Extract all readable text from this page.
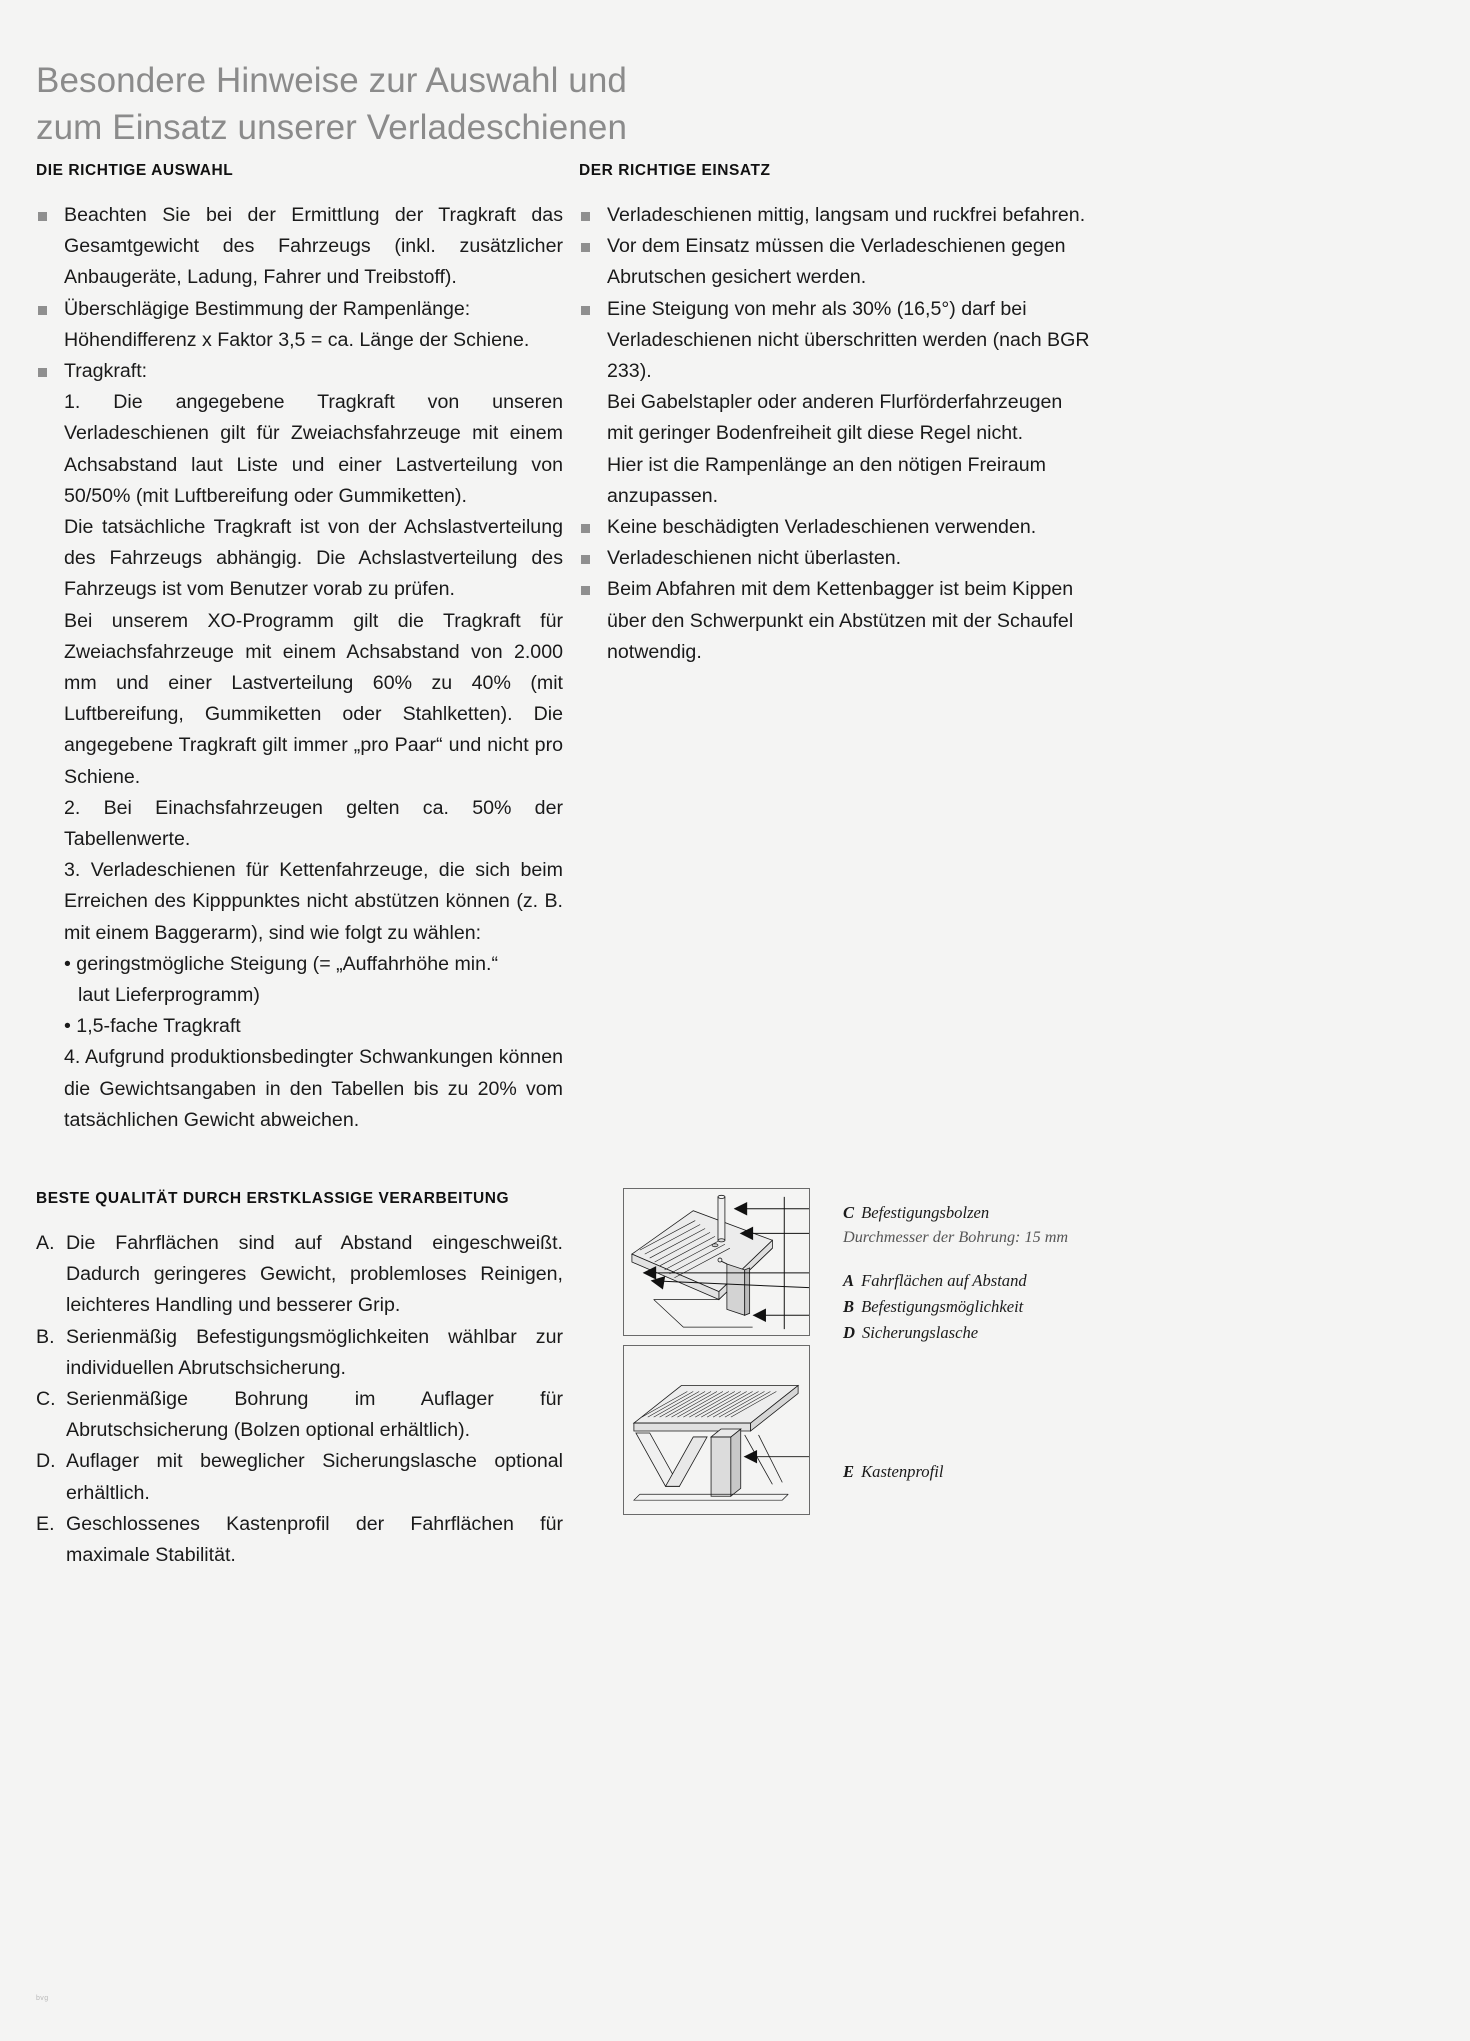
Besondere Hinweise zur Auswahl und
zum Einsatz unserer Verladeschienen
DIE RICHTIGE AUSWAHL

Beachten Sie bei der Ermittlung der Tragkraft das Gesamtgewicht des Fahrzeugs (inkl. zusätzlicher Anbaugeräte, Ladung, Fahrer und Treibstoff).

Überschlägige Bestimmung der Rampenlänge:

Höhendifferenz x Faktor 3,5 = ca. Länge der Schiene.

Tragkraft:

1. Die angegebene Tragkraft von unseren Verladeschienen gilt für Zweiachsfahrzeuge mit einem Achsabstand laut Liste und einer Lastverteilung von 50/50% (mit Luftbereifung oder Gummiketten).

Die tatsächliche Tragkraft ist von der Achslastverteilung des Fahrzeugs abhängig. Die Achslastverteilung des Fahrzeugs ist vom Benutzer vorab zu prüfen.

Bei unserem XO-Programm gilt die Tragkraft für Zweiachsfahrzeuge mit einem Achsabstand von 2.000 mm und einer Lastverteilung 60% zu 40% (mit Luftbereifung, Gummiketten oder Stahlketten). Die angegebene Tragkraft gilt immer „pro Paar“ und nicht pro Schiene.

2. Bei Einachsfahrzeugen gelten ca. 50% der Tabellenwerte.

3. Verladeschienen für Kettenfahrzeuge, die sich beim Erreichen des Kipppunktes nicht abstützen können (z. B. mit einem Baggerarm), sind wie folgt zu wählen:

• geringstmögliche Steigung (= „Auffahrhöhe min.“

laut Lieferprogramm)

• 1,5-fache Tragkraft

4. Aufgrund produktionsbedingter Schwankungen können die Gewichtsangaben in den Tabellen bis zu 20% vom tatsächlichen Gewicht abweichen.

DER RICHTIGE EINSATZ

Verladeschienen mittig, langsam und ruckfrei befahren.

Vor dem Einsatz müssen die Verladeschienen gegen Abrutschen gesichert werden.

Eine Steigung von mehr als 30% (16,5°) darf bei Verladeschienen nicht überschritten werden (nach BGR 233).

Bei Gabelstapler oder anderen Flurförderfahrzeugen

mit geringer Bodenfreiheit gilt diese Regel nicht.

Hier ist die Rampenlänge an den nötigen Freiraum

anzupassen.

Keine beschädigten Verladeschienen verwenden.

Verladeschienen nicht überlasten.

Beim Abfahren mit dem Kettenbagger ist beim Kippen über den Schwerpunkt ein Abstützen mit der Schaufel notwendig.

BESTE QUALITÄT DURCH ERSTKLASSIGE VERARBEITUNG
A. Die Fahrflächen sind auf Abstand eingeschweißt. Dadurch geringeres Gewicht, problemloses Reinigen, leichteres Handling und besserer Grip.
B. Serienmäßig Befestigungsmöglichkeiten wählbar zur individuellen Abrutschsicherung.
C. Serienmäßige Bohrung im Auflager für Abrutschsicherung (Bolzen optional erhältlich).
D. Auflager mit beweglicher Sicherungslasche optional erhältlich.
E. Geschlossenes Kastenprofil der Fahrflächen für maximale Stabilität.
C Befestigungsbolzen
Durchmesser der Bohrung: 15 mm
A Fahrflächen auf Abstand
B Befestigungsmöglichkeit
D Sicherungslasche
E Kastenprofil
bvg
